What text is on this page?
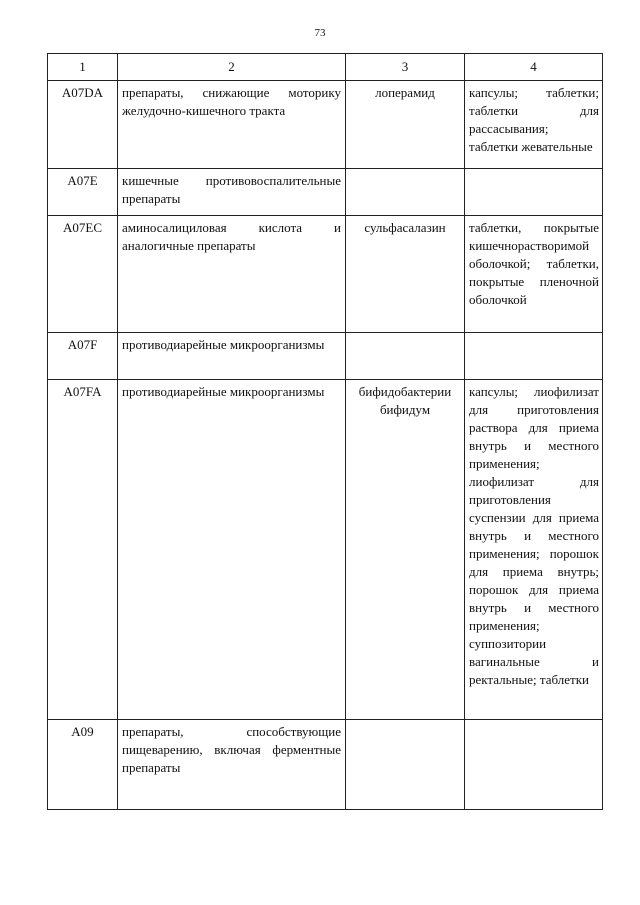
73
1	2	3	4
A07DA	препараты, снижающие моторику желудочно-кишечного тракта	лоперамид	капсулы; таблетки; таблетки для рассасывания; таблетки жевательные
A07E	кишечные противовоспалительные препараты		
A07EC	аминосалициловая кислота и аналогичные препараты	сульфасалазин	таблетки, покрытые кишечнорастворимой оболочкой; таблетки, покрытые пленочной оболочкой
A07F	противодиарейные микроорганизмы		
A07FA	противодиарейные микроорганизмы	бифидобактерии бифидум	капсулы; лиофилизат для приготовления раствора для приема внутрь и местного применения; лиофилизат для приготовления суспензии для приема внутрь и местного применения; порошок для приема внутрь; порошок для приема внутрь и местного применения; суппозитории вагинальные и ректальные; таблетки
A09	препараты, способствующие пищеварению, включая ферментные препараты		
